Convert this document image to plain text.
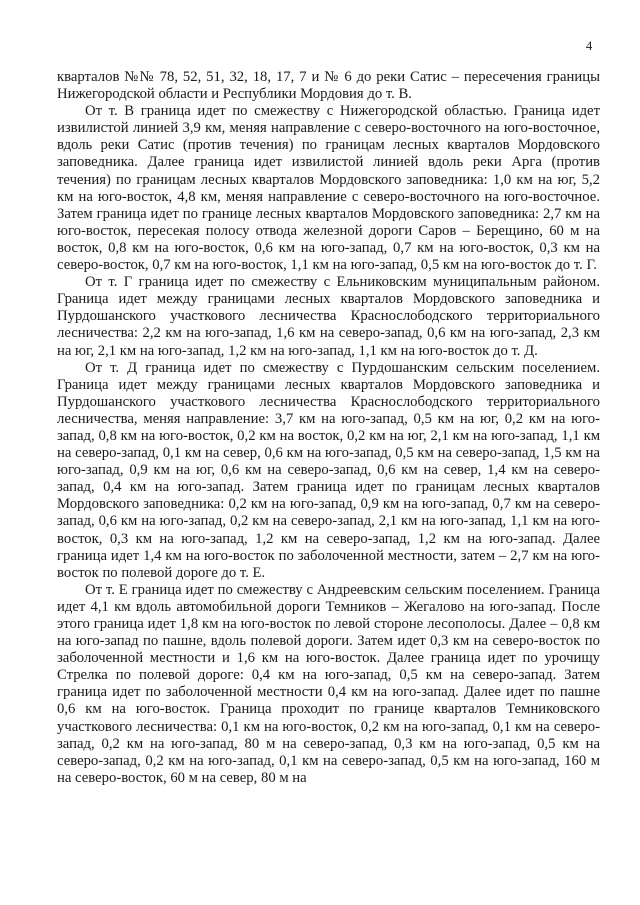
4

кварталов №№ 78, 52, 51, 32, 18, 17, 7 и № 6 до реки Сатис – пересечения границы Нижегородской области и Республики Мордовия до т. В.

От т. В граница идет по смежеству с Нижегородской областью. Граница идет извилистой линией 3,9 км, меняя направление с северо-восточного на юго-восточное, вдоль реки Сатис (против течения) по границам лесных кварталов Мордовского заповедника. Далее граница идет извилистой линией вдоль реки Арга (против течения) по границам лесных кварталов Мордовского заповедника: 1,0 км на юг, 5,2 км на юго-восток, 4,8 км, меняя направление с северо-восточного на юго-восточное. Затем граница идет по границе лесных кварталов Мордовского заповедника: 2,7 км на юго-восток, пересекая полосу отвода железной дороги Саров – Берещино, 60 м на восток, 0,8 км на юго-восток, 0,6 км на юго-запад, 0,7 км на юго-восток, 0,3 км на северо-восток, 0,7 км на юго-восток, 1,1 км на юго-запад, 0,5 км на юго-восток до т. Г.

От т. Г граница идет по смежеству с Ельниковским муниципальным районом. Граница идет между границами лесных кварталов Мордовского заповедника и Пурдошанского участкового лесничества Краснослободского территориального лесничества: 2,2 км на юго-запад, 1,6 км на северо-запад, 0,6 км на юго-запад, 2,3 км на юг, 2,1 км на юго-запад, 1,2 км на юго-запад, 1,1 км на юго-восток до т. Д.

От т. Д граница идет по смежеству с Пурдошанским сельским поселением. Граница идет между границами лесных кварталов Мордовского заповедника и Пурдошанского участкового лесничества Краснослободского территориального лесничества, меняя направление: 3,7 км на юго-запад, 0,5 км на юг, 0,2 км на юго-запад, 0,8 км на юго-восток, 0,2 км на восток, 0,2 км на юг, 2,1 км на юго-запад, 1,1 км на северо-запад, 0,1 км на север, 0,6 км на юго-запад, 0,5 км на северо-запад, 1,5 км на юго-запад, 0,9 км на юг, 0,6 км на северо-запад, 0,6 км на север, 1,4 км на северо-запад, 0,4 км на юго-запад. Затем граница идет по границам лесных кварталов Мордовского заповедника: 0,2 км на юго-запад, 0,9 км на юго-запад, 0,7 км на северо-запад, 0,6 км на юго-запад, 0,2 км на северо-запад, 2,1 км на юго-запад, 1,1 км на юго-восток, 0,3 км на юго-запад, 1,2 км на северо-запад, 1,2 км на юго-запад. Далее граница идет 1,4 км на юго-восток по заболоченной местности, затем – 2,7 км на юго-восток по полевой дороге до т. Е.

От т. Е граница идет по смежеству с Андреевским сельским поселением. Граница идет 4,1 км вдоль автомобильной дороги Темников – Жегалово на юго-запад. После этого граница идет 1,8 км на юго-восток по левой стороне лесополосы. Далее – 0,8 км на юго-запад по пашне, вдоль полевой дороги. Затем идет 0,3 км на северо-восток по заболоченной местности и 1,6 км на юго-восток. Далее граница идет по урочищу Стрелка по полевой дороге: 0,4 км на юго-запад, 0,5 км на северо-запад. Затем граница идет по заболоченной местности 0,4 км на юго-запад. Далее идет по пашне 0,6 км на юго-восток. Граница проходит по границе кварталов Темниковского участкового лесничества: 0,1 км на юго-восток, 0,2 км на юго-запад, 0,1 км на северо-запад, 0,2 км на юго-запад, 80 м на северо-запад, 0,3 км на юго-запад, 0,5 км на северо-запад, 0,2 км на юго-запад, 0,1 км на северо-запад, 0,5 км на юго-запад, 160 м на северо-восток, 60 м на север, 80 м на
